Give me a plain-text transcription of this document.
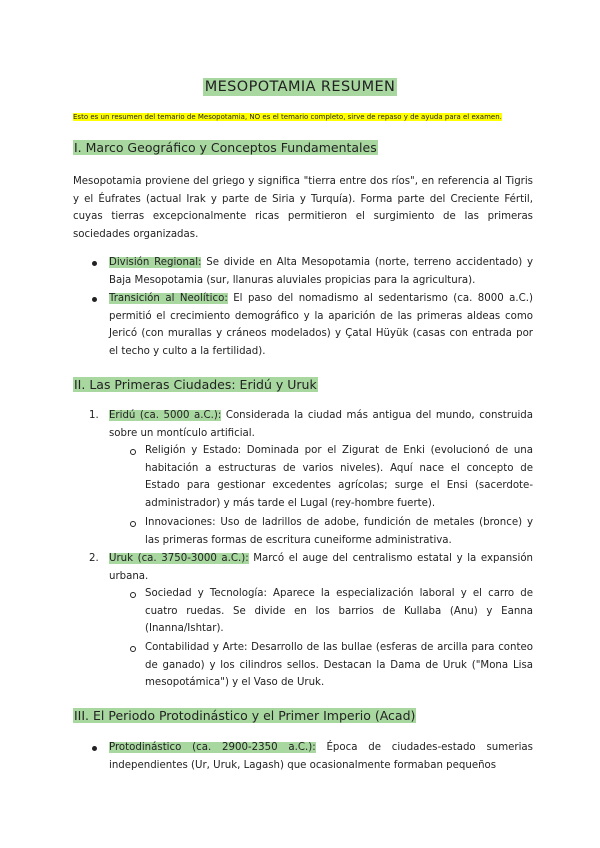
MESOPOTAMIA RESUMEN
Esto es un resumen del temario de Mesopotamia, NO es el temario completo, sirve de repaso y de ayuda para el examen.
I. Marco Geográfico y Conceptos Fundamentales

Mesopotamia proviene del griego y significa "tierra entre dos ríos", en referencia al Tigris y el Éufrates (actual Irak y parte de Siria y Turquía). Forma parte del Creciente Fértil, cuyas tierras excepcionalmente ricas permitieron el surgimiento de las primeras sociedades organizadas.

División Regional: Se divide en Alta Mesopotamia (norte, terreno accidentado) y Baja Mesopotamia (sur, llanuras aluviales propicias para la agricultura).

Transición al Neolítico: El paso del nomadismo al sedentarismo (ca. 8000 a.C.) permitió el crecimiento demográfico y la aparición de las primeras aldeas como Jericó (con murallas y cráneos modelados) y Çatal Hüyük (casas con entrada por el techo y culto a la fertilidad).

II. Las Primeras Ciudades: Eridú y Uruk
1. Eridú (ca. 5000 a.C.): Considerada la ciudad más antigua del mundo, construida sobre un montículo artificial.

Religión y Estado: Dominada por el Zigurat de Enki (evolucionó de una habitación a estructuras de varios niveles). Aquí nace el concepto de Estado para gestionar excedentes agrícolas; surge el Ensi (sacerdote-administrador) y más tarde el Lugal (rey-hombre fuerte).

Innovaciones: Uso de ladrillos de adobe, fundición de metales (bronce) y las primeras formas de escritura cuneiforme administrativa.

2. Uruk (ca. 3750-3000 a.C.): Marcó el auge del centralismo estatal y la expansión urbana.

Sociedad y Tecnología: Aparece la especialización laboral y el carro de cuatro ruedas. Se divide en los barrios de Kullaba (Anu) y Eanna (Inanna/Ishtar).

Contabilidad y Arte: Desarrollo de las bullae (esferas de arcilla para conteo de ganado) y los cilindros sellos. Destacan la Dama de Uruk ("Mona Lisa mesopotámica") y el Vaso de Uruk.

III. El Periodo Protodinástico y el Primer Imperio (Acad)

Protodinástico (ca. 2900-2350 a.C.): Época de ciudades-estado sumerias independientes (Ur, Uruk, Lagash) que ocasionalmente formaban pequeños
